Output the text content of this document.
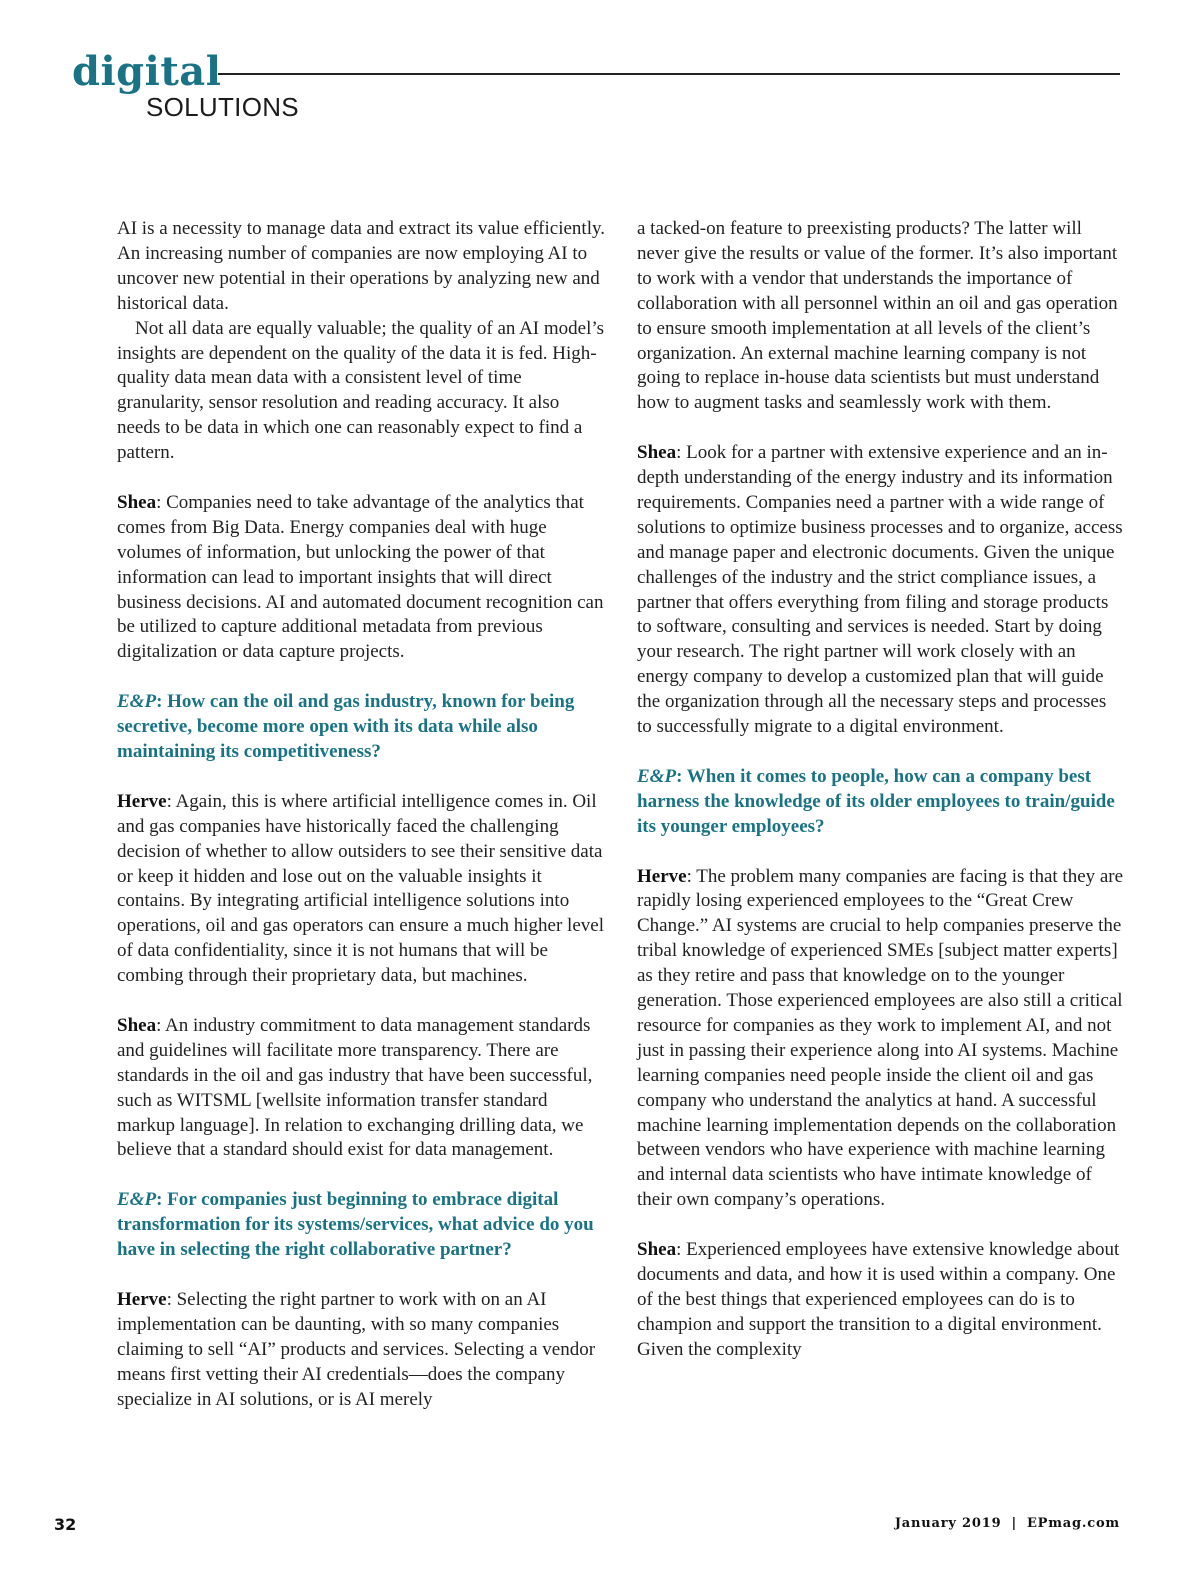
digital
SOLUTIONS

AI is a necessity to manage data and extract its value efficiently. An increasing number of companies are now employing AI to uncover new potential in their operations by analyzing new and historical data.

Not all data are equally valuable; the quality of an AI model’s insights are dependent on the quality of the data it is fed. High-quality data mean data with a consistent level of time granularity, sensor resolution and reading accuracy. It also needs to be data in which one can reasonably expect to find a pattern.

Shea: Companies need to take advantage of the analytics that comes from Big Data. Energy companies deal with huge volumes of information, but unlocking the power of that information can lead to important insights that will direct business decisions. AI and automated document recognition can be utilized to capture additional metadata from previous digitalization or data capture projects.

E&P: How can the oil and gas industry, known for being secretive, become more open with its data while also maintaining its competitiveness?

Herve: Again, this is where artificial intelligence comes in. Oil and gas companies have historically faced the challenging decision of whether to allow outsiders to see their sensitive data or keep it hidden and lose out on the valuable insights it contains. By integrating artificial intelligence solutions into operations, oil and gas operators can ensure a much higher level of data confidentiality, since it is not humans that will be combing through their proprietary data, but machines.

Shea: An industry commitment to data management standards and guidelines will facilitate more transparency. There are standards in the oil and gas industry that have been successful, such as WITSML [wellsite information transfer standard markup language]. In relation to exchanging drilling data, we believe that a standard should exist for data management.

E&P: For companies just beginning to embrace digital transformation for its systems/services, what advice do you have in selecting the right collaborative partner?

Herve: Selecting the right partner to work with on an AI implementation can be daunting, with so many companies claiming to sell “AI” products and services. Selecting a vendor means first vetting their AI credentials—does the company specialize in AI solutions, or is AI merely

a tacked-on feature to preexisting products? The latter will never give the results or value of the former. It’s also important to work with a vendor that understands the importance of collaboration with all personnel within an oil and gas operation to ensure smooth implementation at all levels of the client’s organization. An external machine learning company is not going to replace in-house data scientists but must understand how to augment tasks and seamlessly work with them.

Shea: Look for a partner with extensive experience and an in-depth understanding of the energy industry and its information requirements. Companies need a partner with a wide range of solutions to optimize business processes and to organize, access and manage paper and electronic documents. Given the unique challenges of the industry and the strict compliance issues, a partner that offers everything from filing and storage products to software, consulting and services is needed. Start by doing your research. The right partner will work closely with an energy company to develop a customized plan that will guide the organization through all the necessary steps and processes to successfully migrate to a digital environment.

E&P: When it comes to people, how can a company best harness the knowledge of its older employees to train/guide its younger employees?

Herve: The problem many companies are facing is that they are rapidly losing experienced employees to the “Great Crew Change.” AI systems are crucial to help companies preserve the tribal knowledge of experienced SMEs [subject matter experts] as they retire and pass that knowledge on to the younger generation. Those experienced employees are also still a critical resource for companies as they work to implement AI, and not just in passing their experience along into AI systems. Machine learning companies need people inside the client oil and gas company who understand the analytics at hand. A successful machine learning implementation depends on the collaboration between vendors who have experience with machine learning and internal data scientists who have intimate knowledge of their own company’s operations.

Shea: Experienced employees have extensive knowledge about documents and data, and how it is used within a company. One of the best things that experienced employees can do is to champion and support the transition to a digital environment. Given the complexity

32	January 2019 | EPmag.com
